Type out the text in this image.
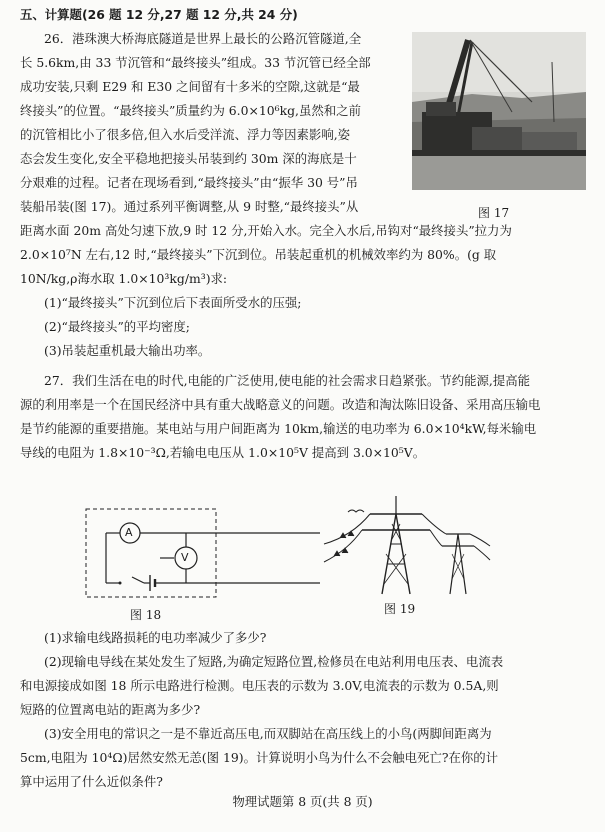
五、计算题(26 题 12 分,27 题 12 分,共 24 分)
26．港珠澳大桥海底隧道是世界上最长的公路沉管隧道,全
长 5.6km,由 33 节沉管和“最终接头”组成。33 节沉管已经全部
成功安装,只剩 E29 和 E30 之间留有十多米的空隙,这就是“最
终接头”的位置。“最终接头”质量约为 6.0×10⁶kg,虽然和之前
的沉管相比小了很多倍,但入水后受洋流、浮力等因素影响,姿
态会发生变化,安全平稳地把接头吊装到约 30m 深的海底是十
分艰难的过程。记者在现场看到,“最终接头”由“振华 30 号”吊
装船吊装(图 17)。通过系列平衡调整,从 9 时整,“最终接头”从
距离水面 20m 高处匀速下放,9 时 12 分,开始入水。完全入水后,吊钩对“最终接头”拉力为
2.0×10⁷N 左右,12 时,“最终接头”下沉到位。吊装起重机的机械效率约为 80%。(g 取
10N/kg,ρ海水取 1.0×10³kg/m³)求:
(1)“最终接头”下沉到位后下表面所受水的压强;
(2)“最终接头”的平均密度;
(3)吊装起重机最大输出功率。
图 17
27．我们生活在电的时代,电能的广泛使用,使电能的社会需求日趋紧张。节约能源,提高能
源的利用率是一个在国民经济中具有重大战略意义的问题。改造和淘汰陈旧设备、采用高压输电
是节约能源的重要措施。某电站与用户间距离为 10km,输送的电功率为 6.0×10⁴kW,每米输电
导线的电阻为 1.8×10⁻³Ω,若输电电压从 1.0×10⁵V 提高到 3.0×10⁵V。
A
V
图 18	图 19
(1)求输电线路损耗的电功率减少了多少?
(2)现输电导线在某处发生了短路,为确定短路位置,检修员在电站利用电压表、电流表
和电源接成如图 18 所示电路进行检测。电压表的示数为 3.0V,电流表的示数为 0.5A,则
短路的位置离电站的距离为多少?
(3)安全用电的常识之一是不靠近高压电,而双脚站在高压线上的小鸟(两脚间距离为
5cm,电阻为 10⁴Ω)居然安然无恙(图 19)。计算说明小鸟为什么不会触电死亡?在你的计
算中运用了什么近似条件?
物理试题第 8 页(共 8 页)
